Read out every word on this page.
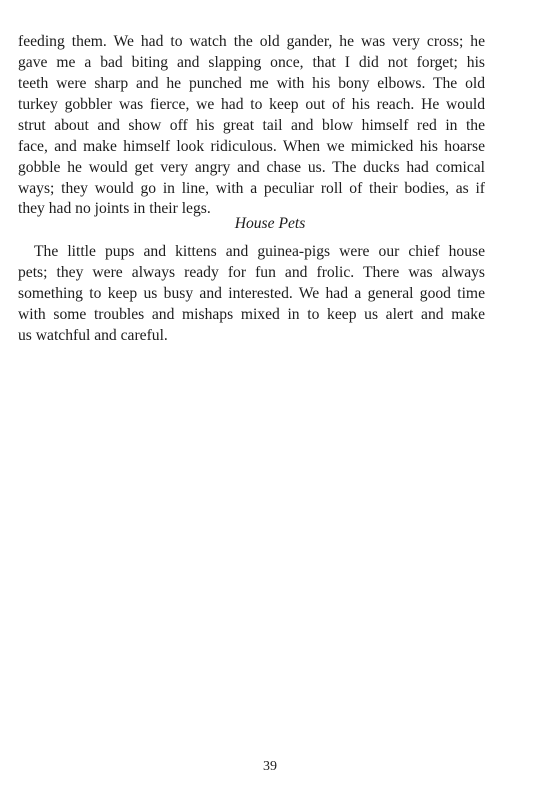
feeding them. We had to watch the old gander, he was very cross; he
gave me a bad biting and slapping once, that I did not forget; his
teeth were sharp and he punched me with his bony elbows. The old
turkey gobbler was fierce, we had to keep out of his reach. He would
strut about and show off his great tail and blow himself red in the
face, and make himself look ridiculous. When we mimicked his hoarse
gobble he would get very angry and chase us. The ducks had comical
ways; they would go in line, with a peculiar roll of their bodies, as if
they had no joints in their legs.
House Pets
The little pups and kittens and guinea-pigs were our chief house
pets; they were always ready for fun and frolic. There was always
something to keep us busy and interested. We had a general good time
with some troubles and mishaps mixed in to keep us alert and make
us watchful and careful.
39
